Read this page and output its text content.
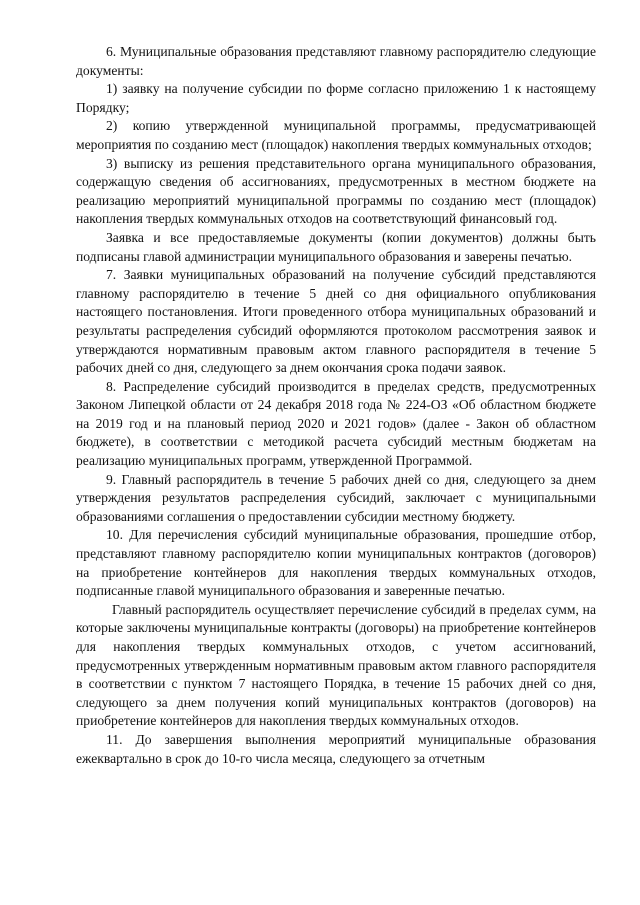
6. Муниципальные образования представляют главному распорядителю следующие документы:

1) заявку на получение субсидии по форме согласно приложению 1 к настоящему Порядку;

2) копию утвержденной муниципальной программы, предусматривающей мероприятия по созданию мест (площадок) накопления твердых коммунальных отходов;

3) выписку из решения представительного органа муниципального образования, содержащую сведения об ассигнованиях, предусмотренных в местном бюджете на реализацию мероприятий муниципальной программы по созданию мест (площадок) накопления твердых коммунальных отходов на соответствующий финансовый год.

Заявка и все предоставляемые документы (копии документов) должны быть подписаны главой администрации муниципального образования и заверены печатью.

7. Заявки муниципальных образований на получение субсидий представляются главному распорядителю в течение 5 дней со дня официального опубликования настоящего постановления. Итоги проведенного отбора муниципальных образований и результаты распределения субсидий оформляются протоколом рассмотрения заявок и утверждаются нормативным правовым актом главного распорядителя в течение 5 рабочих дней со дня, следующего за днем окончания срока подачи заявок.

8. Распределение субсидий производится в пределах средств, предусмотренных Законом Липецкой области от 24 декабря 2018 года № 224-ОЗ «Об областном бюджете на 2019 год и на плановый период 2020 и 2021 годов» (далее - Закон об областном бюджете), в соответствии с методикой расчета субсидий местным бюджетам на реализацию муниципальных программ, утвержденной Программой.

9. Главный распорядитель в течение 5 рабочих дней со дня, следующего за днем утверждения результатов распределения субсидий, заключает с муниципальными образованиями соглашения о предоставлении субсидии местному бюджету.

10. Для перечисления субсидий муниципальные образования, прошедшие отбор, представляют главному распорядителю копии муниципальных контрактов (договоров) на приобретение контейнеров для накопления твердых коммунальных отходов, подписанные главой муниципального образования и заверенные печатью.

Главный распорядитель осуществляет перечисление субсидий в пределах сумм, на которые заключены муниципальные контракты (договоры) на приобретение контейнеров для накопления твердых коммунальных отходов, с учетом ассигнований, предусмотренных утвержденным нормативным правовым актом главного распорядителя в соответствии с пунктом 7 настоящего Порядка, в течение 15 рабочих дней со дня, следующего за днем получения копий муниципальных контрактов (договоров) на приобретение контейнеров для накопления твердых коммунальных отходов.

11. До завершения выполнения мероприятий муниципальные образования ежеквартально в срок до 10-го числа месяца, следующего за отчетным
